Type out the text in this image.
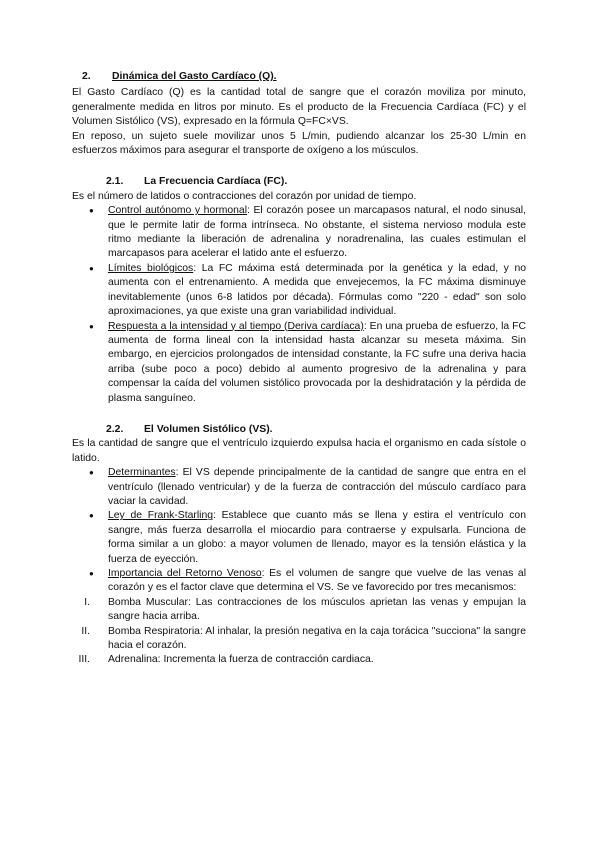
2. Dinámica del Gasto Cardíaco (Q).

El Gasto Cardíaco (Q) es la cantidad total de sangre que el corazón moviliza por minuto, generalmente medida en litros por minuto. Es el producto de la Frecuencia Cardíaca (FC) y el Volumen Sistólico (VS), expresado en la fórmula Q=FC×VS.

En reposo, un sujeto suele movilizar unos 5 L/min, pudiendo alcanzar los 25-30 L/min en esfuerzos máximos para asegurar el transporte de oxígeno a los músculos.

2.1. La Frecuencia Cardíaca (FC).

Es el número de latidos o contracciones del corazón por unidad de tiempo.

● Control autónomo y hormonal: El corazón posee un marcapasos natural, el nodo sinusal, que le permite latir de forma intrínseca. No obstante, el sistema nervioso modula este ritmo mediante la liberación de adrenalina y noradrenalina, las cuales estimulan el marcapasos para acelerar el latido ante el esfuerzo.
● Límites biológicos: La FC máxima está determinada por la genética y la edad, y no aumenta con el entrenamiento. A medida que envejecemos, la FC máxima disminuye inevitablemente (unos 6-8 latidos por década). Fórmulas como "220 - edad" son solo aproximaciones, ya que existe una gran variabilidad individual.
● Respuesta a la intensidad y al tiempo (Deriva cardíaca): En una prueba de esfuerzo, la FC aumenta de forma lineal con la intensidad hasta alcanzar su meseta máxima. Sin embargo, en ejercicios prolongados de intensidad constante, la FC sufre una deriva hacia arriba (sube poco a poco) debido al aumento progresivo de la adrenalina y para compensar la caída del volumen sistólico provocada por la deshidratación y la pérdida de plasma sanguíneo.
2.2. El Volumen Sistólico (VS).

Es la cantidad de sangre que el ventrículo izquierdo expulsa hacia el organismo en cada sístole o latido.

● Determinantes: El VS depende principalmente de la cantidad de sangre que entra en el ventrículo (llenado ventricular) y de la fuerza de contracción del músculo cardíaco para vaciar la cavidad.
● Ley de Frank-Starling: Establece que cuanto más se llena y estira el ventrículo con sangre, más fuerza desarrolla el miocardio para contraerse y expulsarla. Funciona de forma similar a un globo: a mayor volumen de llenado, mayor es la tensión elástica y la fuerza de eyección.
● Importancia del Retorno Venoso: Es el volumen de sangre que vuelve de las venas al corazón y es el factor clave que determina el VS. Se ve favorecido por tres mecanismos:
I. Bomba Muscular: Las contracciones de los músculos aprietan las venas y empujan la sangre hacia arriba.
II. Bomba Respiratoria: Al inhalar, la presión negativa en la caja torácica "succiona" la sangre hacia el corazón.
III. Adrenalina: Incrementa la fuerza de contracción cardiaca.
